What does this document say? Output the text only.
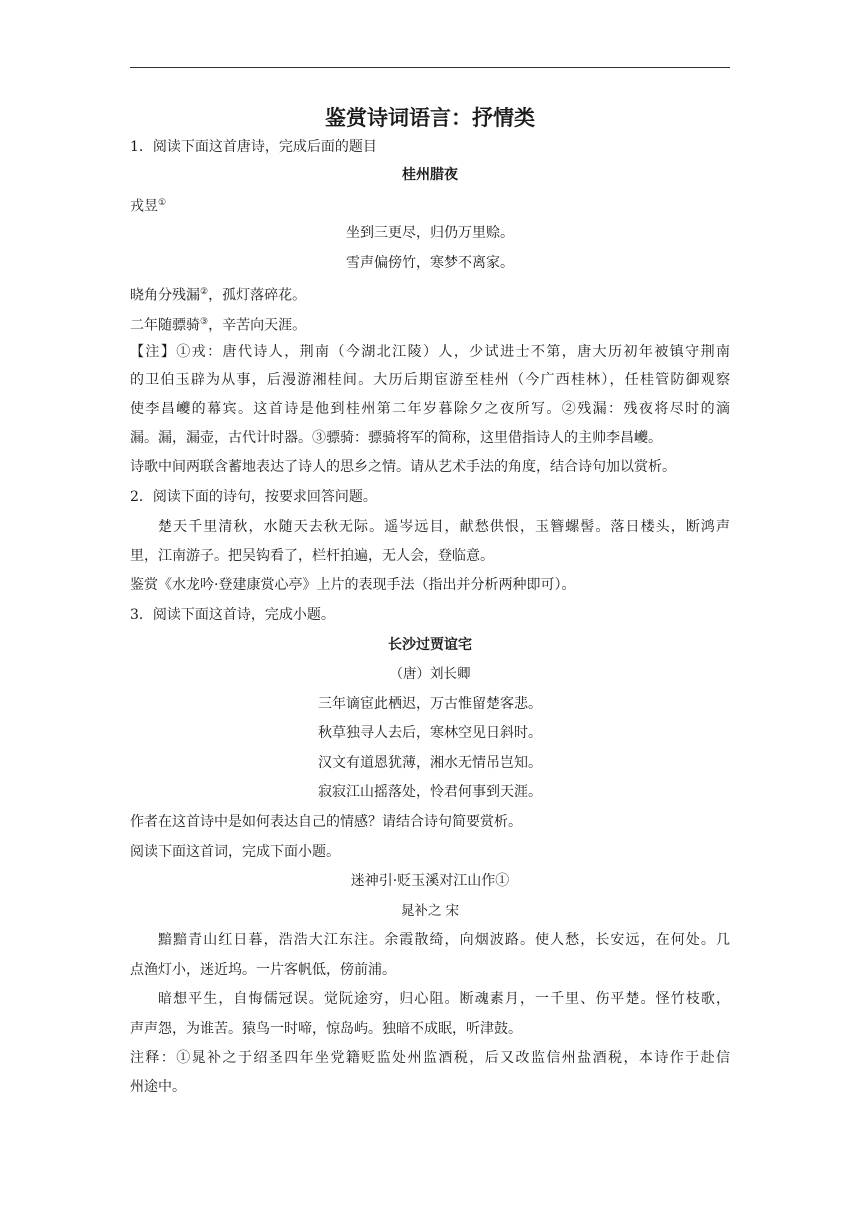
鉴赏诗词语言：抒情类
1．阅读下面这首唐诗，完成后面的题目
桂州腊夜
戎昱①
坐到三更尽，归仍万里赊。
雪声偏傍竹，寒梦不离家。
晓角分残漏②，孤灯落碎花。
二年随骠骑③，辛苦向天涯。
【注】①戎：唐代诗人，荆南（今湖北江陵）人，少试进士不第，唐大历初年被镇守荆南
的卫伯玉辟为从事，后漫游湘桂间。大历后期宦游至桂州（今广西桂林），任桂管防御观察
使李昌巙的幕宾。这首诗是他到桂州第二年岁暮除夕之夜所写。②残漏：残夜将尽时的滴
漏。漏，漏壶，古代计时器。③骠骑：骠骑将军的简称，这里借指诗人的主帅李昌巙。
诗歌中间两联含蓄地表达了诗人的思乡之情。请从艺术手法的角度，结合诗句加以赏析。
2．阅读下面的诗句，按要求回答问题。
楚天千里清秋，水随天去秋无际。遥岑远目，献愁供恨，玉簪螺髻。落日楼头，断鸿声
里，江南游子。把吴钩看了，栏杆拍遍，无人会，登临意。
鉴赏《水龙吟·登建康赏心亭》上片的表现手法（指出并分析两种即可）。
3．阅读下面这首诗，完成小题。
长沙过贾谊宅
（唐）刘长卿
三年谪宦此栖迟，万古惟留楚客悲。
秋草独寻人去后，寒林空见日斜时。
汉文有道恩犹薄，湘水无情吊岂知。
寂寂江山摇落处，怜君何事到天涯。
作者在这首诗中是如何表达自己的情感？请结合诗句简要赏析。
阅读下面这首词，完成下面小题。
迷神引·贬玉溪对江山作①
晁补之 宋
黯黯青山红日暮，浩浩大江东注。余霞散绮，向烟波路。使人愁，长安远，在何处。几
点渔灯小，迷近坞。一片客帆低，傍前浦。
暗想平生，自悔儒冠误。觉阮途穷，归心阻。断魂素月，一千里、伤平楚。怪竹枝歌，
声声怨，为谁苦。猿鸟一时啼，惊岛屿。独暗不成眠，听津鼓。
注释：①晁补之于绍圣四年坐党籍贬监处州监酒税，后又改监信州盐酒税，本诗作于赴信
州途中。
